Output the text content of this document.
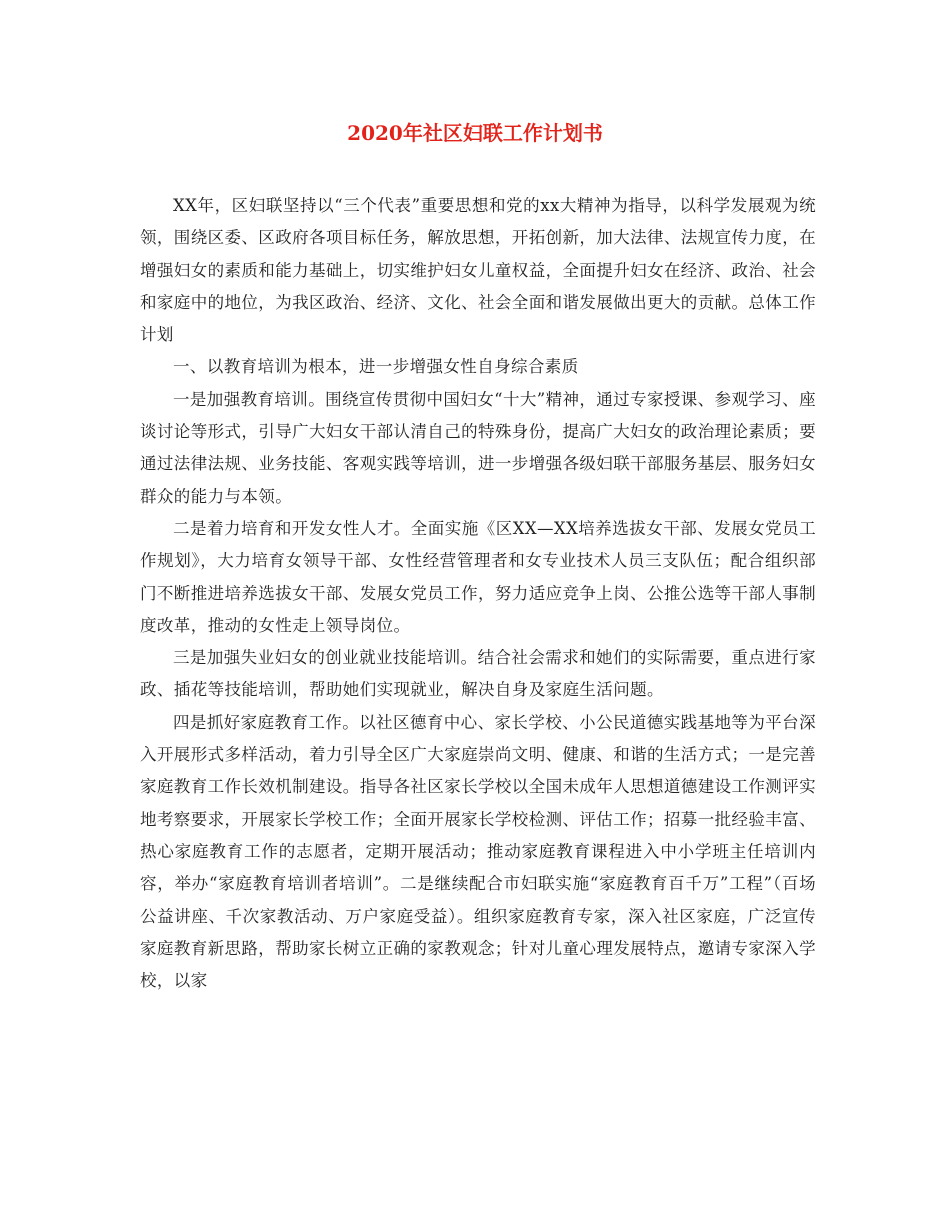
2020年社区妇联工作计划书

XX年，区妇联坚持以“三个代表”重要思想和党的xx大精神为指导，以科学发展观为统领，围绕区委、区政府各项目标任务，解放思想，开拓创新，加大法律、法规宣传力度，在增强妇女的素质和能力基础上，切实维护妇女儿童权益，全面提升妇女在经济、政治、社会和家庭中的地位，为我区政治、经济、文化、社会全面和谐发展做出更大的贡献。总体工作计划

一、以教育培训为根本，进一步增强女性自身综合素质

一是加强教育培训。围绕宣传贯彻中国妇女“十大”精神，通过专家授课、参观学习、座谈讨论等形式，引导广大妇女干部认清自己的特殊身份，提高广大妇女的政治理论素质；要通过法律法规、业务技能、客观实践等培训，进一步增强各级妇联干部服务基层、服务妇女群众的能力与本领。

二是着力培育和开发女性人才。全面实施《区XX—XX培养选拔女干部、发展女党员工作规划》，大力培育女领导干部、女性经营管理者和女专业技术人员三支队伍；配合组织部门不断推进培养选拔女干部、发展女党员工作，努力适应竞争上岗、公推公选等干部人事制度改革，推动的女性走上领导岗位。

三是加强失业妇女的创业就业技能培训。结合社会需求和她们的实际需要，重点进行家政、插花等技能培训，帮助她们实现就业，解决自身及家庭生活问题。

四是抓好家庭教育工作。以社区德育中心、家长学校、小公民道德实践基地等为平台深入开展形式多样活动，着力引导全区广大家庭崇尚文明、健康、和谐的生活方式；一是完善家庭教育工作长效机制建设。指导各社区家长学校以全国未成年人思想道德建设工作测评实地考察要求，开展家长学校工作；全面开展家长学校检测、评估工作；招募一批经验丰富、热心家庭教育工作的志愿者，定期开展活动；推动家庭教育课程进入中小学班主任培训内容，举办“家庭教育培训者培训”。二是继续配合市妇联实施“家庭教育百千万”工程”（百场公益讲座、千次家教活动、万户家庭受益）。组织家庭教育专家，深入社区家庭，广泛宣传家庭教育新思路，帮助家长树立正确的家教观念；针对儿童心理发展特点，邀请专家深入学校，以家
